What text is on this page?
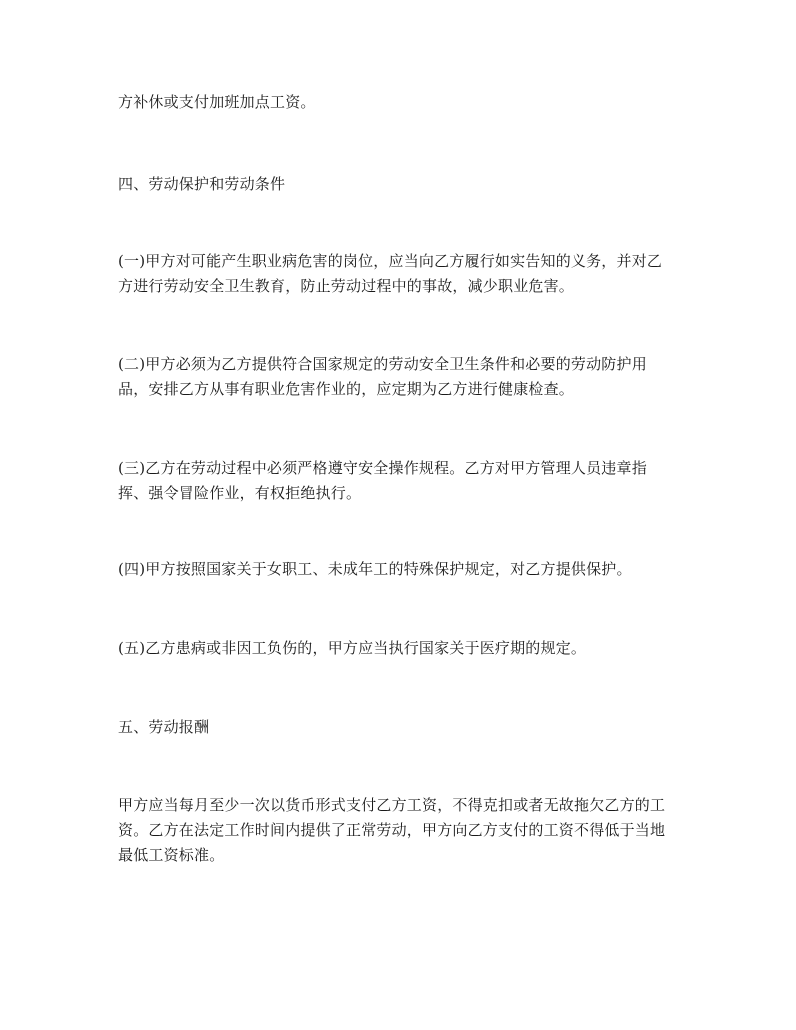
方补休或支付加班加点工资。
四、劳动保护和劳动条件
(一)甲方对可能产生职业病危害的岗位，应当向乙方履行如实告知的义务，并对乙
方进行劳动安全卫生教育，防止劳动过程中的事故，减少职业危害。
(二)甲方必须为乙方提供符合国家规定的劳动安全卫生条件和必要的劳动防护用
品，安排乙方从事有职业危害作业的，应定期为乙方进行健康检查。
(三)乙方在劳动过程中必须严格遵守安全操作规程。乙方对甲方管理人员违章指
挥、强令冒险作业，有权拒绝执行。
(四)甲方按照国家关于女职工、未成年工的特殊保护规定，对乙方提供保护。
(五)乙方患病或非因工负伤的，甲方应当执行国家关于医疗期的规定。
五、劳动报酬
甲方应当每月至少一次以货币形式支付乙方工资，不得克扣或者无故拖欠乙方的工
资。乙方在法定工作时间内提供了正常劳动，甲方向乙方支付的工资不得低于当地
最低工资标准。
